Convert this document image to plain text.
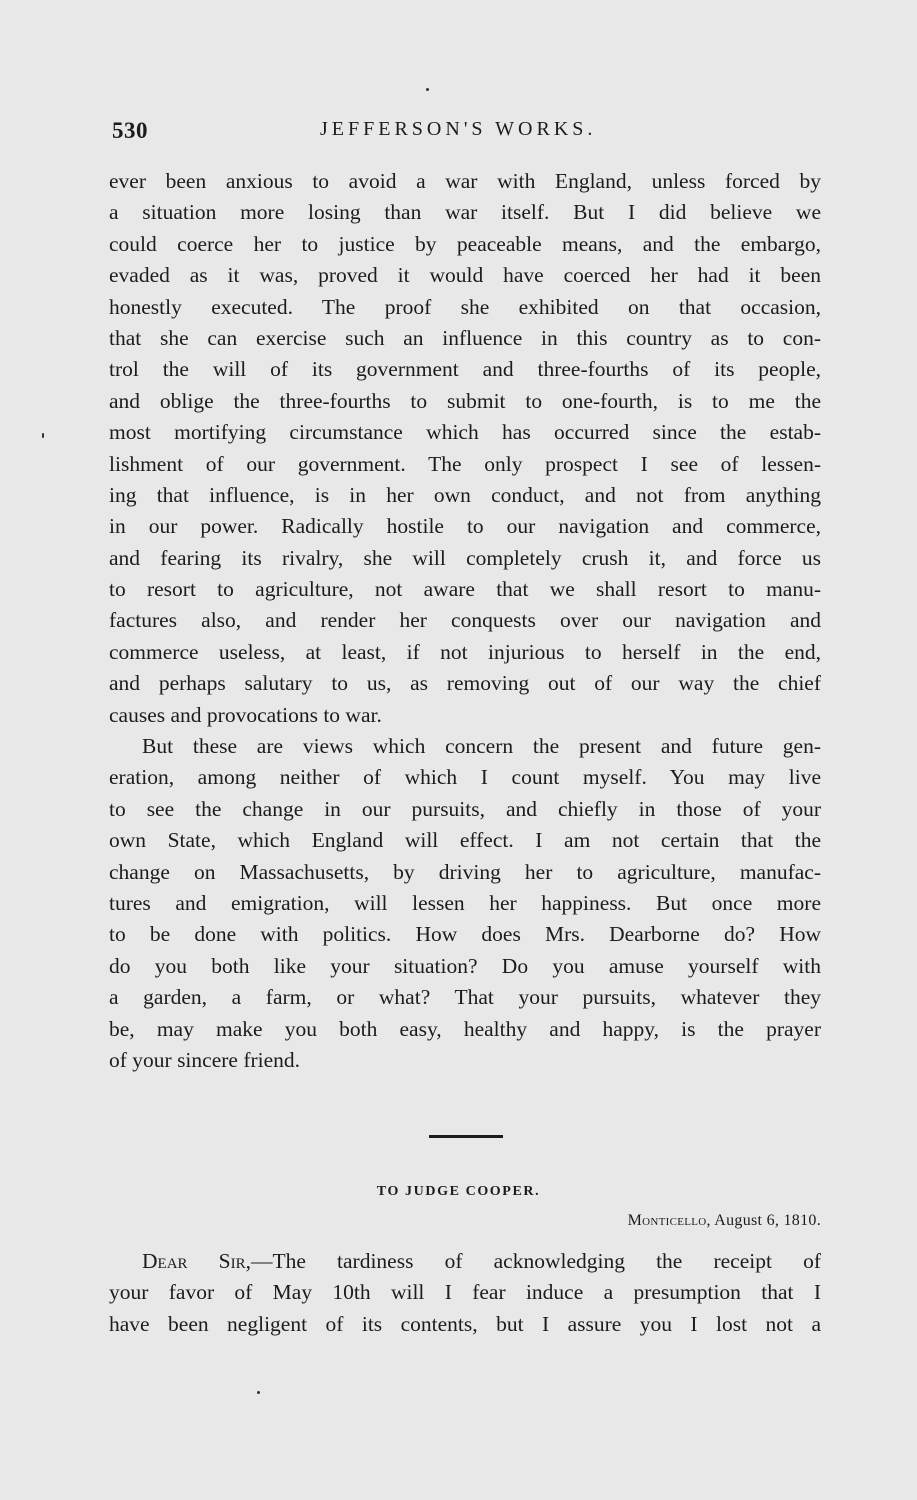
530	JEFFERSON'S WORKS.
ever been anxious to avoid a war with England, unless forced by
a situation more losing than war itself. But I did believe we
could coerce her to justice by peaceable means, and the embargo,
evaded as it was, proved it would have coerced her had it been
honestly executed. The proof she exhibited on that occasion,
that she can exercise such an influence in this country as to con-
trol the will of its government and three-fourths of its people,
and oblige the three-fourths to submit to one-fourth, is to me the
most mortifying circumstance which has occurred since the estab-
lishment of our government. The only prospect I see of lessen-
ing that influence, is in her own conduct, and not from anything
in our power. Radically hostile to our navigation and commerce,
and fearing its rivalry, she will completely crush it, and force us
to resort to agriculture, not aware that we shall resort to manu-
factures also, and render her conquests over our navigation and
commerce useless, at least, if not injurious to herself in the end,
and perhaps salutary to us, as removing out of our way the chief
causes and provocations to war.
But these are views which concern the present and future gen-
eration, among neither of which I count myself. You may live
to see the change in our pursuits, and chiefly in those of your
own State, which England will effect. I am not certain that the
change on Massachusetts, by driving her to agriculture, manufac-
tures and emigration, will lessen her happiness. But once more
to be done with politics. How does Mrs. Dearborne do? How
do you both like your situation? Do you amuse yourself with
a garden, a farm, or what? That your pursuits, whatever they
be, may make you both easy, healthy and happy, is the prayer
of your sincere friend.
TO JUDGE COOPER.
Monticello, August 6, 1810.
Dear Sir,—The tardiness of acknowledging the receipt of
your favor of May 10th will I fear induce a presumption that I
have been negligent of its contents, but I assure you I lost not a
